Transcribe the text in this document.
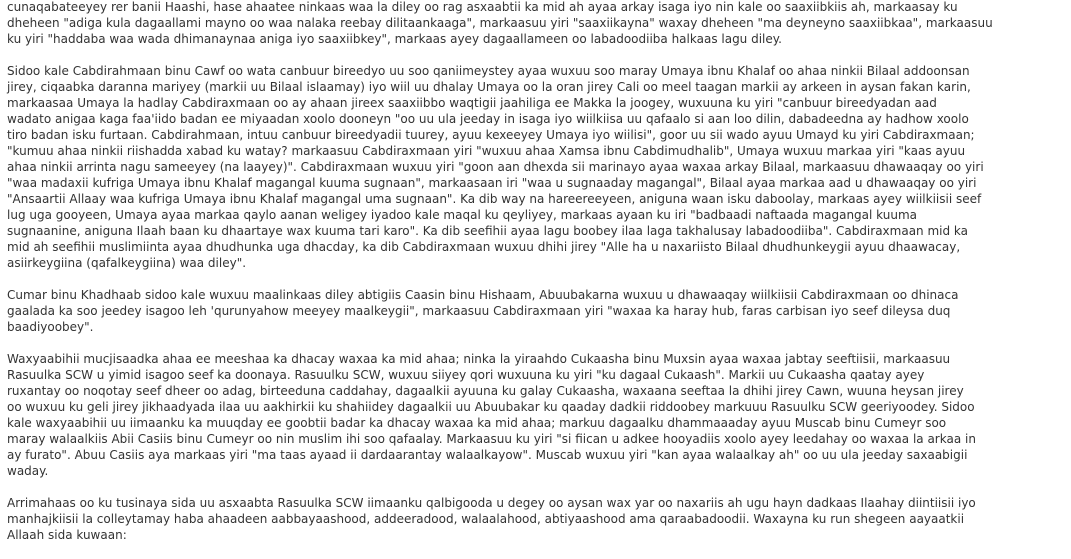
cunaqabateeyey rer banii Haashi, hase ahaatee ninkaas waa la diley oo rag asxaabtii ka mid ah ayaa arkay isaga iyo nin kale oo saaxiibkiis ah, markaasay ku
dheheen "adiga kula dagaallami mayno oo waa nalaka reebay dilitaankaaga", markaasuu yiri "saaxiikayna" waxay dheheen "ma deyneyno saaxiibkaa", markaasuu
ku yiri "haddaba waa wada dhimanaynaa aniga iyo saaxiibkey", markaas ayey dagaallameen oo labadoodiiba halkaas lagu diley.

Sidoo kale Cabdirahmaan binu Cawf oo wata canbuur bireedyo uu soo qaniimeystey ayaa wuxuu soo maray Umaya ibnu Khalaf oo ahaa ninkii Bilaal addoonsan
jirey, ciqaabka daranna mariyey (markii uu Bilaal islaamay) iyo wiil uu dhalay Umaya oo la oran jirey Cali oo meel taagan markii ay arkeen in aysan fakan karin,
markaasaa Umaya la hadlay Cabdiraxmaan oo ay ahaan jireex saaxiibbo waqtigii jaahiliga ee Makka la joogey, wuxuuna ku yiri "canbuur bireedyadan aad
wadato anigaa kaga faa'iido badan ee miyaadan xoolo dooneyn "oo uu ula jeeday in isaga iyo wiilkiisa uu qafaalo si aan loo dilin, dabadeedna ay hadhow xoolo
tiro badan isku furtaan. Cabdirahmaan, intuu canbuur bireedyadii tuurey, ayuu kexeeyey Umaya iyo wiilisi", goor uu sii wado ayuu Umayd ku yiri Cabdiraxmaan;
"kumuu ahaa ninkii riishadda xabad ku watay? markaasuu Cabdiraxmaan yiri "wuxuu ahaa Xamsa ibnu Cabdimudhalib", Umaya wuxuu markaa yiri "kaas ayuu
ahaa ninkii arrinta nagu sameeyey (na laayey)". Cabdiraxmaan wuxuu yiri "goon aan dhexda sii marinayo ayaa waxaa arkay Bilaal, markaasuu dhawaaqay oo yiri
"waa madaxii kufriga Umaya ibnu Khalaf magangal kuuma sugnaan", markaasaan iri "waa u sugnaaday magangal", Bilaal ayaa markaa aad u dhawaaqay oo yiri
"Ansaartii Allaay waa kufriga Umaya ibnu Khalaf magangal uma sugnaan". Ka dib way na hareereeyeen, aniguna waan isku daboolay, markaas ayey wiilkiisii seef
lug uga gooyeen, Umaya ayaa markaa qaylo aanan weligey iyadoo kale maqal ku qeyliyey, markaas ayaan ku iri "badbaadi naftaada magangal kuuma
sugnaanine, aniguna Ilaah baan ku dhaartaye wax kuuma tari karo". Ka dib seefihii ayaa lagu boobey ilaa laga takhalusay labadoodiiba". Cabdiraxmaan mid ka
mid ah seefihii muslimiinta ayaa dhudhunka uga dhacday, ka dib Cabdiraxmaan wuxuu dhihi jirey "Alle ha u naxariisto Bilaal dhudhunkeygii ayuu dhaawacay,
asiirkeygiina (qafalkeygiina) waa diley".

Cumar binu Khadhaab sidoo kale wuxuu maalinkaas diley abtigiis Caasin binu Hishaam, Abuubakarna wuxuu u dhawaaqay wiilkiisii Cabdiraxmaan oo dhinaca
gaalada ka soo jeedey isagoo leh 'qurunyahow meeyey maalkeygii", markaasuu Cabdiraxmaan yiri "waxaa ka haray hub, faras carbisan iyo seef dileysa duq
baadiyoobey".

Waxyaabihii mucjisaadka ahaa ee meeshaa ka dhacay waxaa ka mid ahaa; ninka la yiraahdo Cukaasha binu Muxsin ayaa waxaa jabtay seeftiisii, markaasuu
Rasuulka SCW u yimid isagoo seef ka doonaya. Rasuulku SCW, wuxuu siiyey qori wuxuuna ku yiri "ku dagaal Cukaash". Markii uu Cukaasha qaatay ayey
ruxantay oo noqotay seef dheer oo adag, birteeduna caddahay, dagaalkii ayuuna ku galay Cukaasha, waxaana seeftaa la dhihi jirey Cawn, wuuna heysan jirey
oo wuxuu ku geli jirey jikhaadyada ilaa uu aakhirkii ku shahiidey dagaalkii uu Abuubakar ku qaaday dadkii riddoobey markuuu Rasuulku SCW geeriyoodey. Sidoo
kale waxyaabihii uu iimaanku ka muuqday ee goobtii badar ka dhacay waxaa ka mid ahaa; markuu dagaalku dhammaaaday ayuu Muscab binu Cumeyr soo
maray walaalkiis Abii Casiis binu Cumeyr oo nin muslim ihi soo qafaalay. Markaasuu ku yiri "si fiican u adkee hooyadiis xoolo ayey leedahay oo waxaa la arkaa in
ay furato". Abuu Casiis aya markaas yiri "ma taas ayaad ii dardaarantay walaalkayow". Muscab wuxuu yiri "kan ayaa walaalkay ah" oo uu ula jeeday saxaabigii
waday.

Arrimahaas oo ku tusinaya sida uu asxaabta Rasuulka SCW iimaanku qalbigooda u degey oo aysan wax yar oo naxariis ah ugu hayn dadkaas Ilaahay diintiisii iyo
manhajkiisii la colleytamay haba ahaadeen aabbayaashood, addeeradood, walaalahood, abtiyaashood ama qaraabadoodii. Waxayna ku run shegeen aayaatkii
Allaah sida kuwaan:
